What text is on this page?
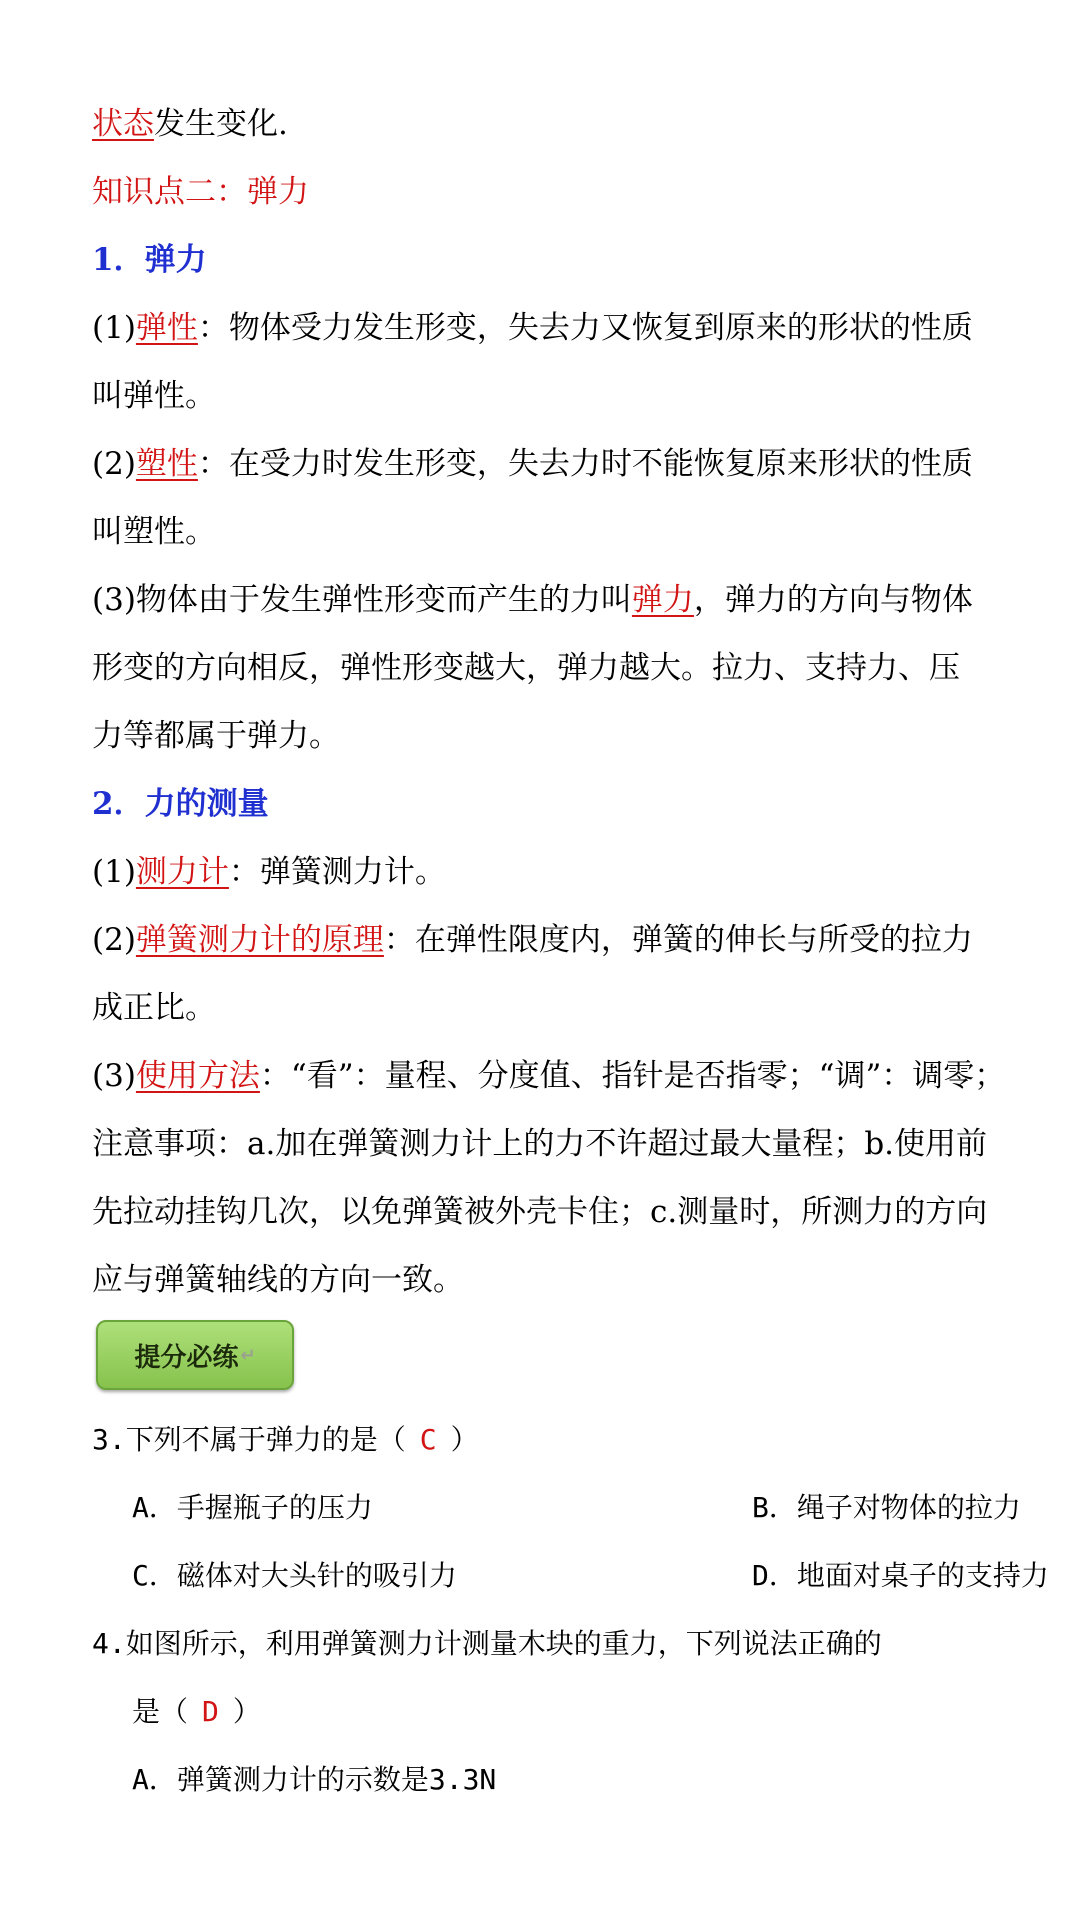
状态发生变化.
知识点二：弹力
1．弹力
(1)弹性：物体受力发生形变，失去力又恢复到原来的形状的性质
叫弹性。
(2)塑性：在受力时发生形变，失去力时不能恢复原来形状的性质
叫塑性。
(3)物体由于发生弹性形变而产生的力叫弹力，弹力的方向与物体
形变的方向相反，弹性形变越大，弹力越大。拉力、支持力、压
力等都属于弹力。
2．力的测量
(1)测力计：弹簧测力计。
(2)弹簧测力计的原理：在弹性限度内，弹簧的伸长与所受的拉力
成正比。
(3)使用方法：“看”：量程、分度值、指针是否指零；“调”：调零；
注意事项：a.加在弹簧测力计上的力不许超过最大量程；b.使用前
先拉动挂钩几次，以免弹簧被外壳卡住；c.测量时，所测力的方向
应与弹簧轴线的方向一致。
提分必练 ↵
3.下列不属于弹力的是（ C ）
A．手握瓶子的压力	B．绳子对物体的拉力
C．磁体对大头针的吸引力	D．地面对桌子的支持力
4.如图所示，利用弹簧测力计测量木块的重力，下列说法正确的
是（ D ）
A．弹簧测力计的示数是3.3N
